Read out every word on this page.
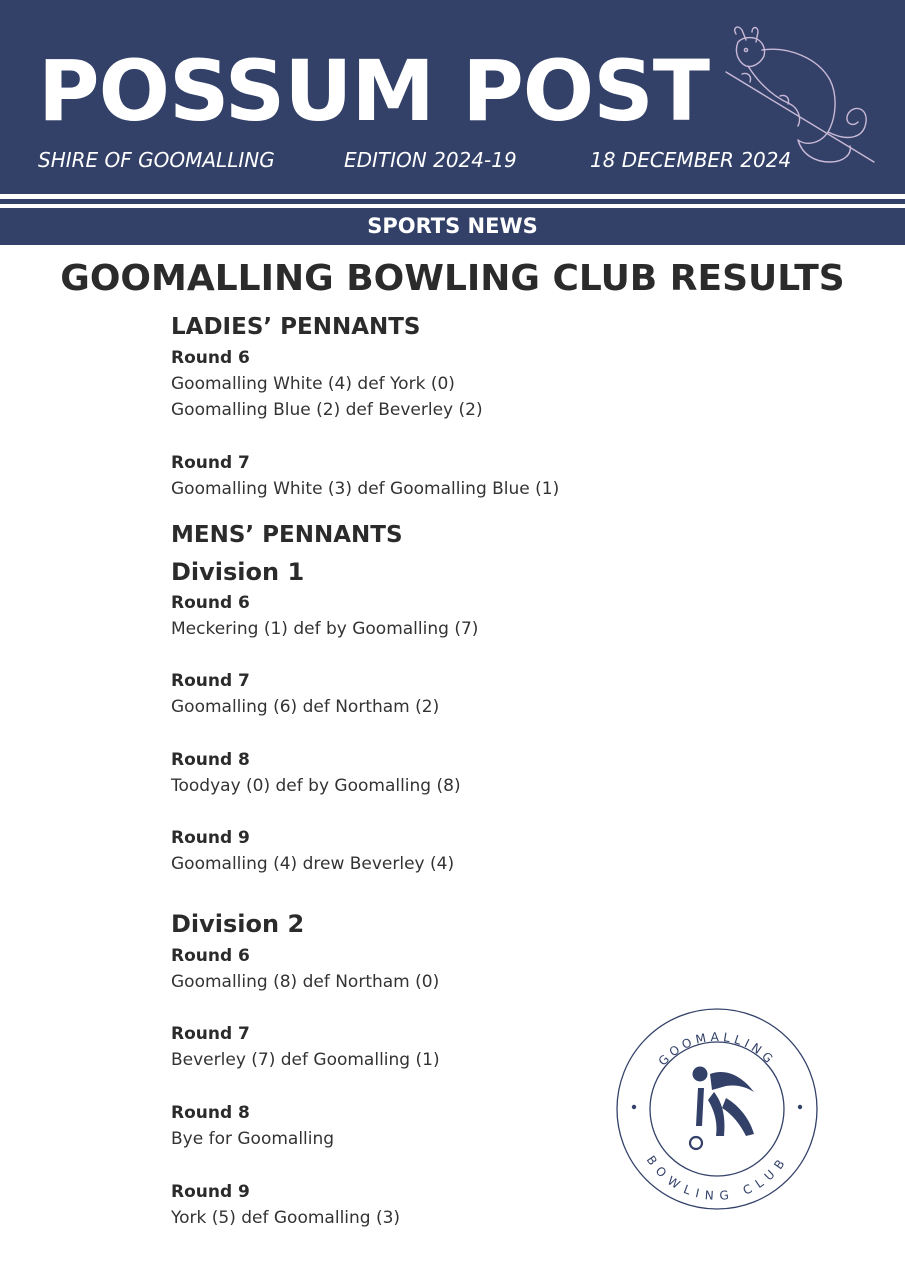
POSSUM POST
SHIRE OF GOOMALLING	EDITION 2024-19	18 DECEMBER 2024
SPORTS NEWS
GOOMALLING BOWLING CLUB RESULTS
LADIES’ PENNANTS
Round 6
Goomalling White (4) def York (0)
Goomalling Blue (2) def Beverley (2)
Round 7
Goomalling White (3) def Goomalling Blue (1)
MENS’ PENNANTS
Division 1
Round 6
Meckering (1) def by Goomalling (7)
Round 7
Goomalling (6) def Northam (2)
Round 8
Toodyay (0) def by Goomalling (8)
Round 9
Goomalling (4) drew Beverley (4)
Division 2
Round 6
Goomalling (8) def Northam (0)
Round 7
Beverley (7) def Goomalling (1)
Round 8
Bye for Goomalling
Round 9
York (5) def Goomalling (3)
GOOMALLING
BOWLING CLUB
